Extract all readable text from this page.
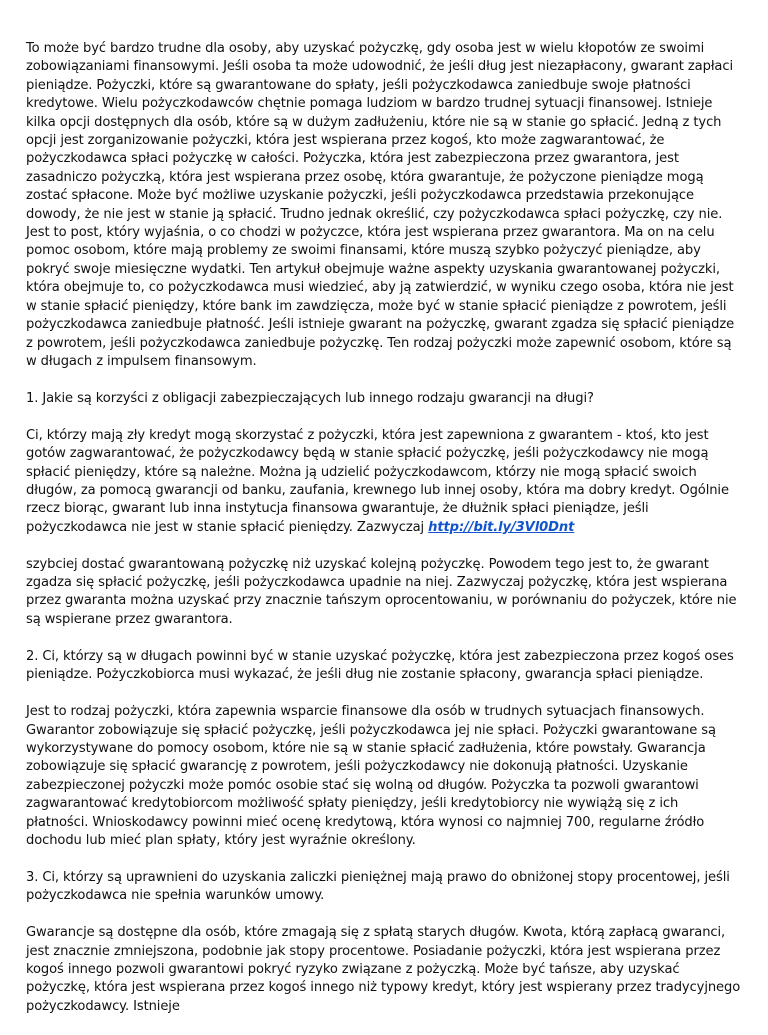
To może być bardzo trudne dla osoby, aby uzyskać pożyczkę, gdy osoba jest w wielu kłopotów ze swoimi zobowiązaniami finansowymi. Jeśli osoba ta może udowodnić, że jeśli dług jest niezapłacony, gwarant zapłaci pieniądze. Pożyczki, które są gwarantowane do spłaty, jeśli pożyczkodawca zaniedbuje swoje płatności kredytowe. Wielu pożyczkodawców chętnie pomaga ludziom w bardzo trudnej sytuacji finansowej. Istnieje kilka opcji dostępnych dla osób, które są w dużym zadłużeniu, które nie są w stanie go spłacić. Jedną z tych opcji jest zorganizowanie pożyczki, która jest wspierana przez kogoś, kto może zagwarantować, że pożyczkodawca spłaci pożyczkę w całości. Pożyczka, która jest zabezpieczona przez gwarantora, jest zasadniczo pożyczką, która jest wspierana przez osobę, która gwarantuje, że pożyczone pieniądze mogą zostać spłacone. Może być możliwe uzyskanie pożyczki, jeśli pożyczkodawca przedstawia przekonujące dowody, że nie jest w stanie ją spłacić. Trudno jednak określić, czy pożyczkodawca spłaci pożyczkę, czy nie. Jest to post, który wyjaśnia, o co chodzi w pożyczce, która jest wspierana przez gwarantora. Ma on na celu pomoc osobom, które mają problemy ze swoimi finansami, które muszą szybko pożyczyć pieniądze, aby pokryć swoje miesięczne wydatki. Ten artykuł obejmuje ważne aspekty uzyskania gwarantowanej pożyczki, która obejmuje to, co pożyczkodawca musi wiedzieć, aby ją zatwierdzić, w wyniku czego osoba, która nie jest w stanie spłacić pieniędzy, które bank im zawdzięcza, może być w stanie spłacić pieniądze z powrotem, jeśli pożyczkodawca zaniedbuje płatność. Jeśli istnieje gwarant na pożyczkę, gwarant zgadza się spłacić pieniądze z powrotem, jeśli pożyczkodawca zaniedbuje pożyczkę. Ten rodzaj pożyczki może zapewnić osobom, które są w długach z impulsem finansowym.

1. Jakie są korzyści z obligacji zabezpieczających lub innego rodzaju gwarancji na długi?

Ci, którzy mają zły kredyt mogą skorzystać z pożyczki, która jest zapewniona z gwarantem - ktoś, kto jest gotów zagwarantować, że pożyczkodawcy będą w stanie spłacić pożyczkę, jeśli pożyczkodawcy nie mogą spłacić pieniędzy, które są należne. Można ją udzielić pożyczkodawcom, którzy nie mogą spłacić swoich długów, za pomocą gwarancji od banku, zaufania, krewnego lub innej osoby, która ma dobry kredyt. Ogólnie rzecz biorąc, gwarant lub inna instytucja finansowa gwarantuje, że dłużnik spłaci pieniądze, jeśli pożyczkodawca nie jest w stanie spłacić pieniędzy. Zazwyczaj http://bit.ly/3Vl0Dnt

szybciej dostać gwarantowaną pożyczkę niż uzyskać kolejną pożyczkę. Powodem tego jest to, że gwarant zgadza się spłacić pożyczkę, jeśli pożyczkodawca upadnie na niej. Zazwyczaj pożyczkę, która jest wspierana przez gwaranta można uzyskać przy znacznie tańszym oprocentowaniu, w porównaniu do pożyczek, które nie są wspierane przez gwarantora.

2. Ci, którzy są w długach powinni być w stanie uzyskać pożyczkę, która jest zabezpieczona przez kogoś oses pieniądze. Pożyczkobiorca musi wykazać, że jeśli dług nie zostanie spłacony, gwarancja spłaci pieniądze.

Jest to rodzaj pożyczki, która zapewnia wsparcie finansowe dla osób w trudnych sytuacjach finansowych. Gwarantor zobowiązuje się spłacić pożyczkę, jeśli pożyczkodawca jej nie spłaci. Pożyczki gwarantowane są wykorzystywane do pomocy osobom, które nie są w stanie spłacić zadłużenia, które powstały. Gwarancja zobowiązuje się spłacić gwarancję z powrotem, jeśli pożyczkodawcy nie dokonują płatności. Uzyskanie zabezpieczonej pożyczki może pomóc osobie stać się wolną od długów. Pożyczka ta pozwoli gwarantowi zagwarantować kredytobiorcom możliwość spłaty pieniędzy, jeśli kredytobiorcy nie wywiążą się z ich płatności. Wnioskodawcy powinni mieć ocenę kredytową, która wynosi co najmniej 700, regularne źródło dochodu lub mieć plan spłaty, który jest wyraźnie określony.

3. Ci, którzy są uprawnieni do uzyskania zaliczki pieniężnej mają prawo do obniżonej stopy procentowej, jeśli pożyczkodawca nie spełnia warunków umowy.

Gwarancje są dostępne dla osób, które zmagają się z spłatą starych długów. Kwota, którą zapłacą gwaranci, jest znacznie zmniejszona, podobnie jak stopy procentowe. Posiadanie pożyczki, która jest wspierana przez kogoś innego pozwoli gwarantowi pokryć ryzyko związane z pożyczką. Może być tańsze, aby uzyskać pożyczkę, która jest wspierana przez kogoś innego niż typowy kredyt, który jest wspierany przez tradycyjnego pożyczkodawcy. Istnieje
